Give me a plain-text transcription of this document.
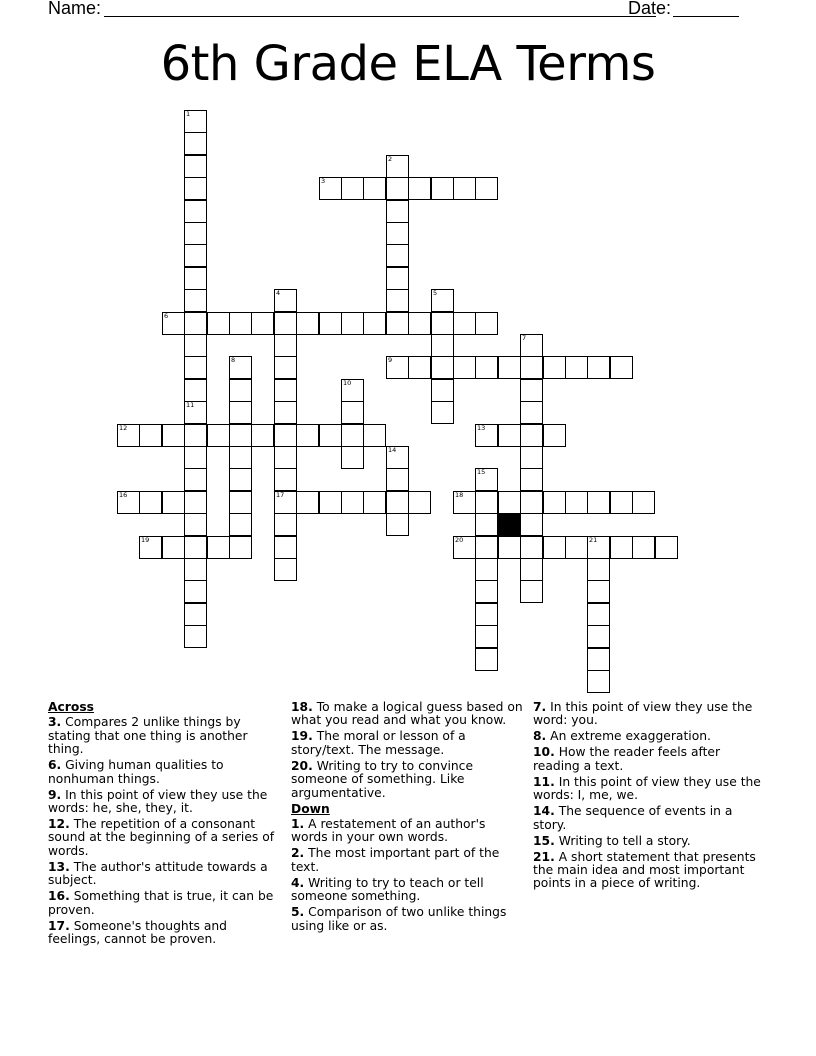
Name:	Date:
6th Grade ELA Terms
1
11
2
3
4
17
5
6
7
8	9
10
12	13
14
15
16	18
19	20	21
Across
3. Compares 2 unlike things by stating that one thing is another thing.
6. Giving human qualities to nonhuman things.
9. In this point of view they use the words: he, she, they, it.
12. The repetition of a consonant sound at the beginning of a series of words.
13. The author's attitude towards a subject.
16. Something that is true, it can be proven.
17. Someone's thoughts and feelings, cannot be proven.
18. To make a logical guess based on what you read and what you know.
19. The moral or lesson of a story/text. The message.
20. Writing to try to convince someone of something. Like argumentative.
Down
1. A restatement of an author's words in your own words.
2. The most important part of the text.
4. Writing to try to teach or tell someone something.
5. Comparison of two unlike things using like or as.
7. In this point of view they use the word: you.
8. An extreme exaggeration.
10. How the reader feels after reading a text.
11. In this point of view they use the words: I, me, we.
14. The sequence of events in a story.
15. Writing to tell a story.
21. A short statement that presents the main idea and most important points in a piece of writing.
